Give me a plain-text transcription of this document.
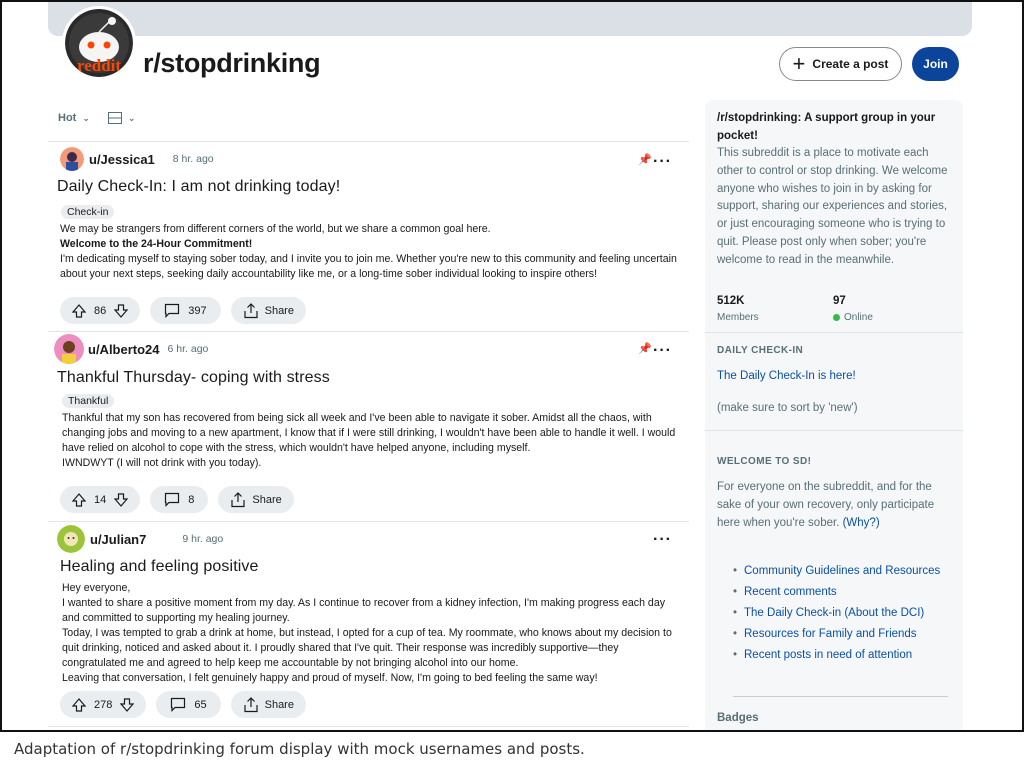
reddit r/stopdrinking	+ Create a post	Join
Hot ⌄	⌄
u/Jessica1 8 hr. ago	📌 ···
Daily Check-In: I am not drinking today!
Check-in

We may be strangers from different corners of the world, but we share a common goal here.

Welcome to the 24-Hour Commitment!

I'm dedicating myself to staying sober today, and I invite you to join me. Whether you're new to this community and feeling uncertain about your next steps, seeking daily accountability like me, or a long-time sober individual looking to inspire others!

86	397	Share
u/Alberto24 6 hr. ago	📌 ···
Thankful Thursday- coping with stress
Thankful

Thankful that my son has recovered from being sick all week and I've been able to navigate it sober. Amidst all the chaos, with changing jobs and moving to a new apartment, I know that if I were still drinking, I wouldn't have been able to handle it well. I would have relied on alcohol to cope with the stress, which wouldn't have helped anyone, including myself.

IWNDWYT (I will not drink with you today).

14	8	Share
u/Julian7	9 hr. ago	···
Healing and feeling positive

Hey everyone,

I wanted to share a positive moment from my day. As I continue to recover from a kidney infection, I'm making progress each day and committed to supporting my healing journey.

Today, I was tempted to grab a drink at home, but instead, I opted for a cup of tea. My roommate, who knows about my decision to quit drinking, noticed and asked about it. I proudly shared that I've quit. Their response was incredibly supportive—they congratulated me and agreed to help keep me accountable by not bringing alcohol into our home.

Leaving that conversation, I felt genuinely happy and proud of myself. Now, I'm going to bed feeling the same way!

278	65	Share
/r/stopdrinking: A support group in your pocket!
This subreddit is a place to motivate each other to control or stop drinking. We welcome anyone who wishes to join in by asking for support, sharing our experiences and stories, or just encouraging someone who is trying to quit. Please post only when sober; you're welcome to read in the meanwhile.
512K
Members
97
Online
DAILY CHECK-IN
The Daily Check-In is here!
(make sure to sort by 'new')
WELCOME TO SD!
For everyone on the subreddit, and for the sake of your own recovery, only participate here when you're sober. (Why?)
• Community Guidelines and Resources
• Recent comments
• The Daily Check-in (About the DCI)
• Resources for Family and Friends
• Recent posts in need of attention
Badges
Adaptation of r/stopdrinking forum display with mock usernames and posts.
